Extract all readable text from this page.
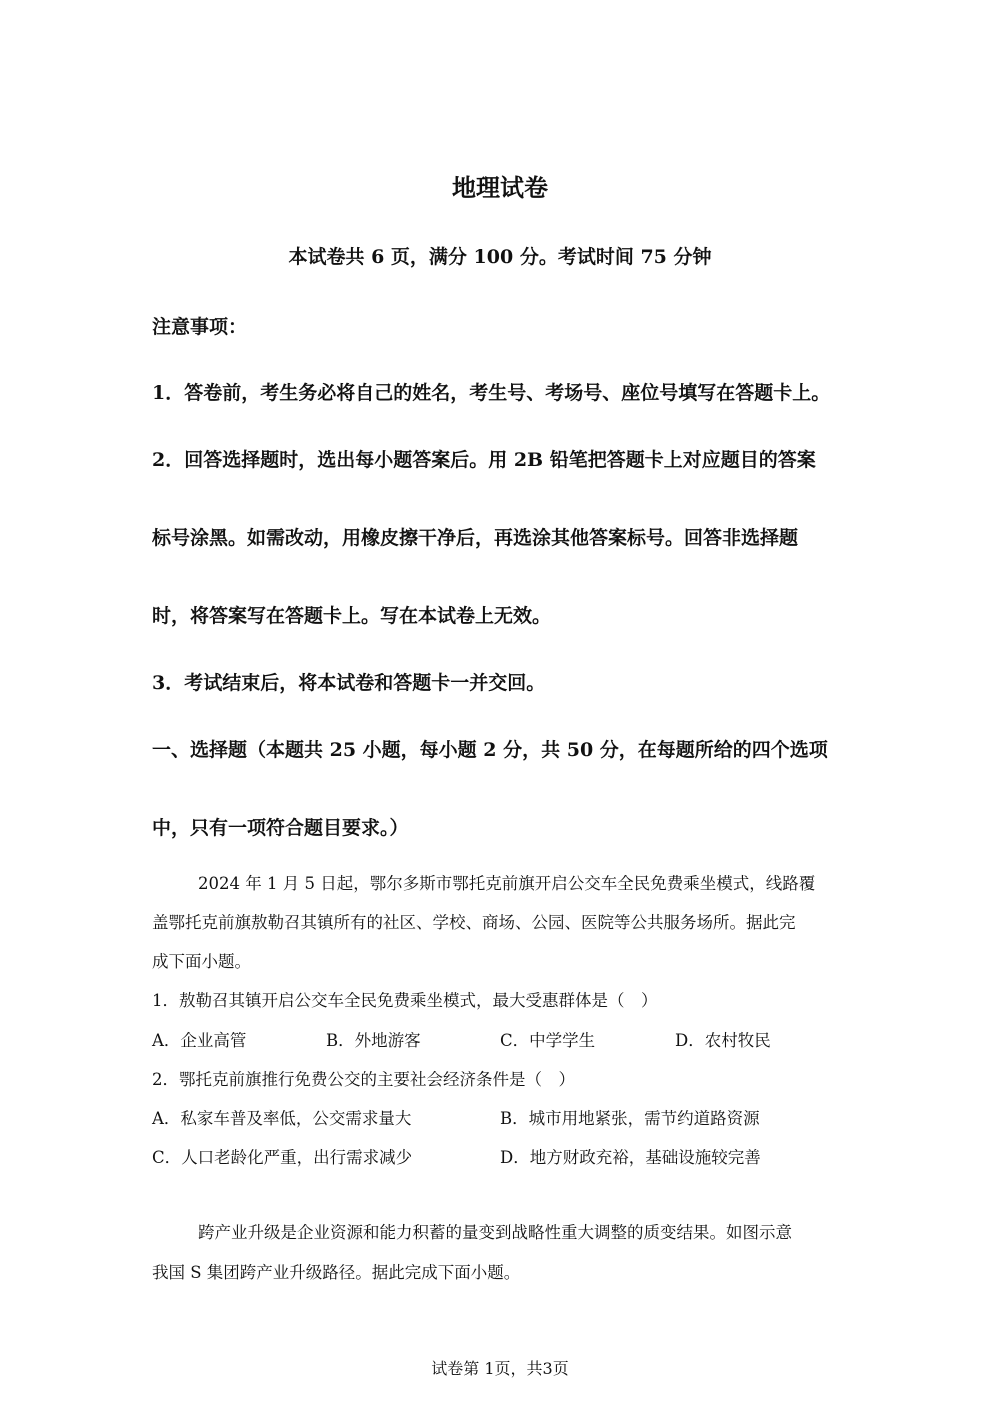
地理试卷
本试卷共 6 页，满分 100 分。考试时间 75 分钟
注意事项：
1．答卷前，考生务必将自己的姓名，考生号、考场号、座位号填写在答题卡上。
2．回答选择题时，选出每小题答案后。用 2B 铅笔把答题卡上对应题目的答案
标号涂黑。如需改动，用橡皮擦干净后，再选涂其他答案标号。回答非选择题
时，将答案写在答题卡上。写在本试卷上无效。
3．考试结束后，将本试卷和答题卡一并交回。
一、选择题（本题共 25 小题，每小题 2 分，共 50 分，在每题所给的四个选项
中，只有一项符合题目要求。）
2024 年 1 月 5 日起，鄂尔多斯市鄂托克前旗开启公交车全民免费乘坐模式，线路覆
盖鄂托克前旗敖勒召其镇所有的社区、学校、商场、公园、医院等公共服务场所。据此完
成下面小题。
1．敖勒召其镇开启公交车全民免费乘坐模式，最大受惠群体是（　）
A．企业高管	B．外地游客	C．中学学生	D．农村牧民
2．鄂托克前旗推行免费公交的主要社会经济条件是（　）
A．私家车普及率低，公交需求量大	B．城市用地紧张，需节约道路资源
C．人口老龄化严重，出行需求减少	D．地方财政充裕，基础设施较完善
跨产业升级是企业资源和能力积蓄的量变到战略性重大调整的质变结果。如图示意
我国 S 集团跨产业升级路径。据此完成下面小题。
试卷第 1页，共3页
